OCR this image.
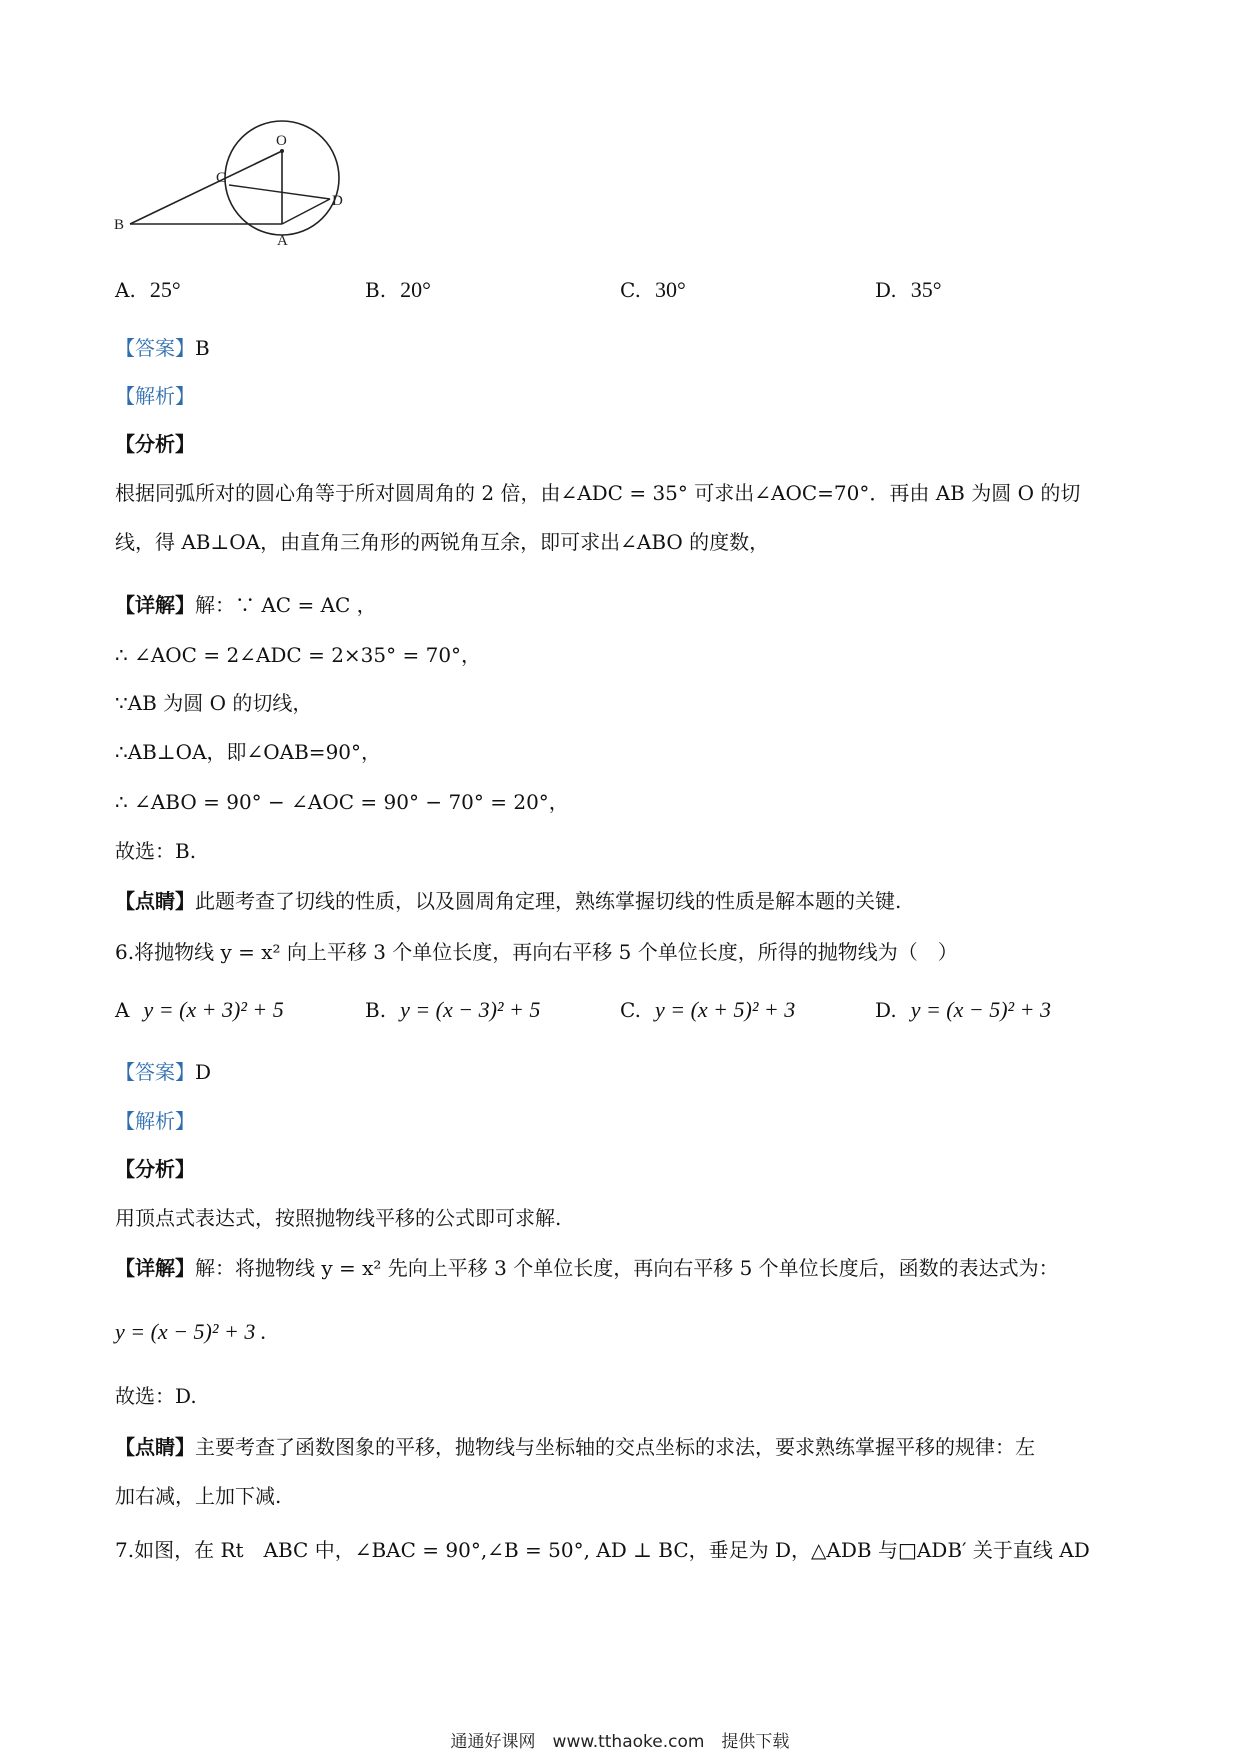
O
C
D
B
A
A. 25°	B. 20°	C. 30°	D. 35°
【答案】B
【解析】
【分析】
根据同弧所对的圆心角等于所对圆周角的 2 倍，由∠ADC = 35° 可求出∠AOC=70°．再由 AB 为圆 O 的切
线，得 AB⊥OA，由直角三角形的两锐角互余，即可求出∠ABO 的度数，
【详解】解：∵ AC = AC ，
∴ ∠AOC = 2∠ADC = 2×35° = 70°，
∵AB 为圆 O 的切线，
∴AB⊥OA，即∠OAB=90°，
∴ ∠ABO = 90° − ∠AOC = 90° − 70° = 20°，
故选：B.
【点睛】此题考查了切线的性质，以及圆周角定理，熟练掌握切线的性质是解本题的关键.
6.将抛物线 y = x² 向上平移 3 个单位长度，再向右平移 5 个单位长度，所得的抛物线为（　）
A y = (x + 3)² + 5	B. y = (x − 3)² + 5	C. y = (x + 5)² + 3	D. y = (x − 5)² + 3
【答案】D
【解析】
【分析】
用顶点式表达式，按照抛物线平移的公式即可求解.
【详解】解：将抛物线 y = x² 先向上平移 3 个单位长度，再向右平移 5 个单位长度后，函数的表达式为：
y = (x − 5)² + 3 .
故选：D.
【点睛】主要考查了函数图象的平移，抛物线与坐标轴的交点坐标的求法，要求熟练掌握平移的规律：左
加右减，上加下减.
7.如图，在 Rt　ABC 中，∠BAC = 90°,∠B = 50°, AD ⊥ BC，垂足为 D，△ADB 与□ADB′ 关于直线 AD
通通好课网　www.tthaoke.com　提供下载
